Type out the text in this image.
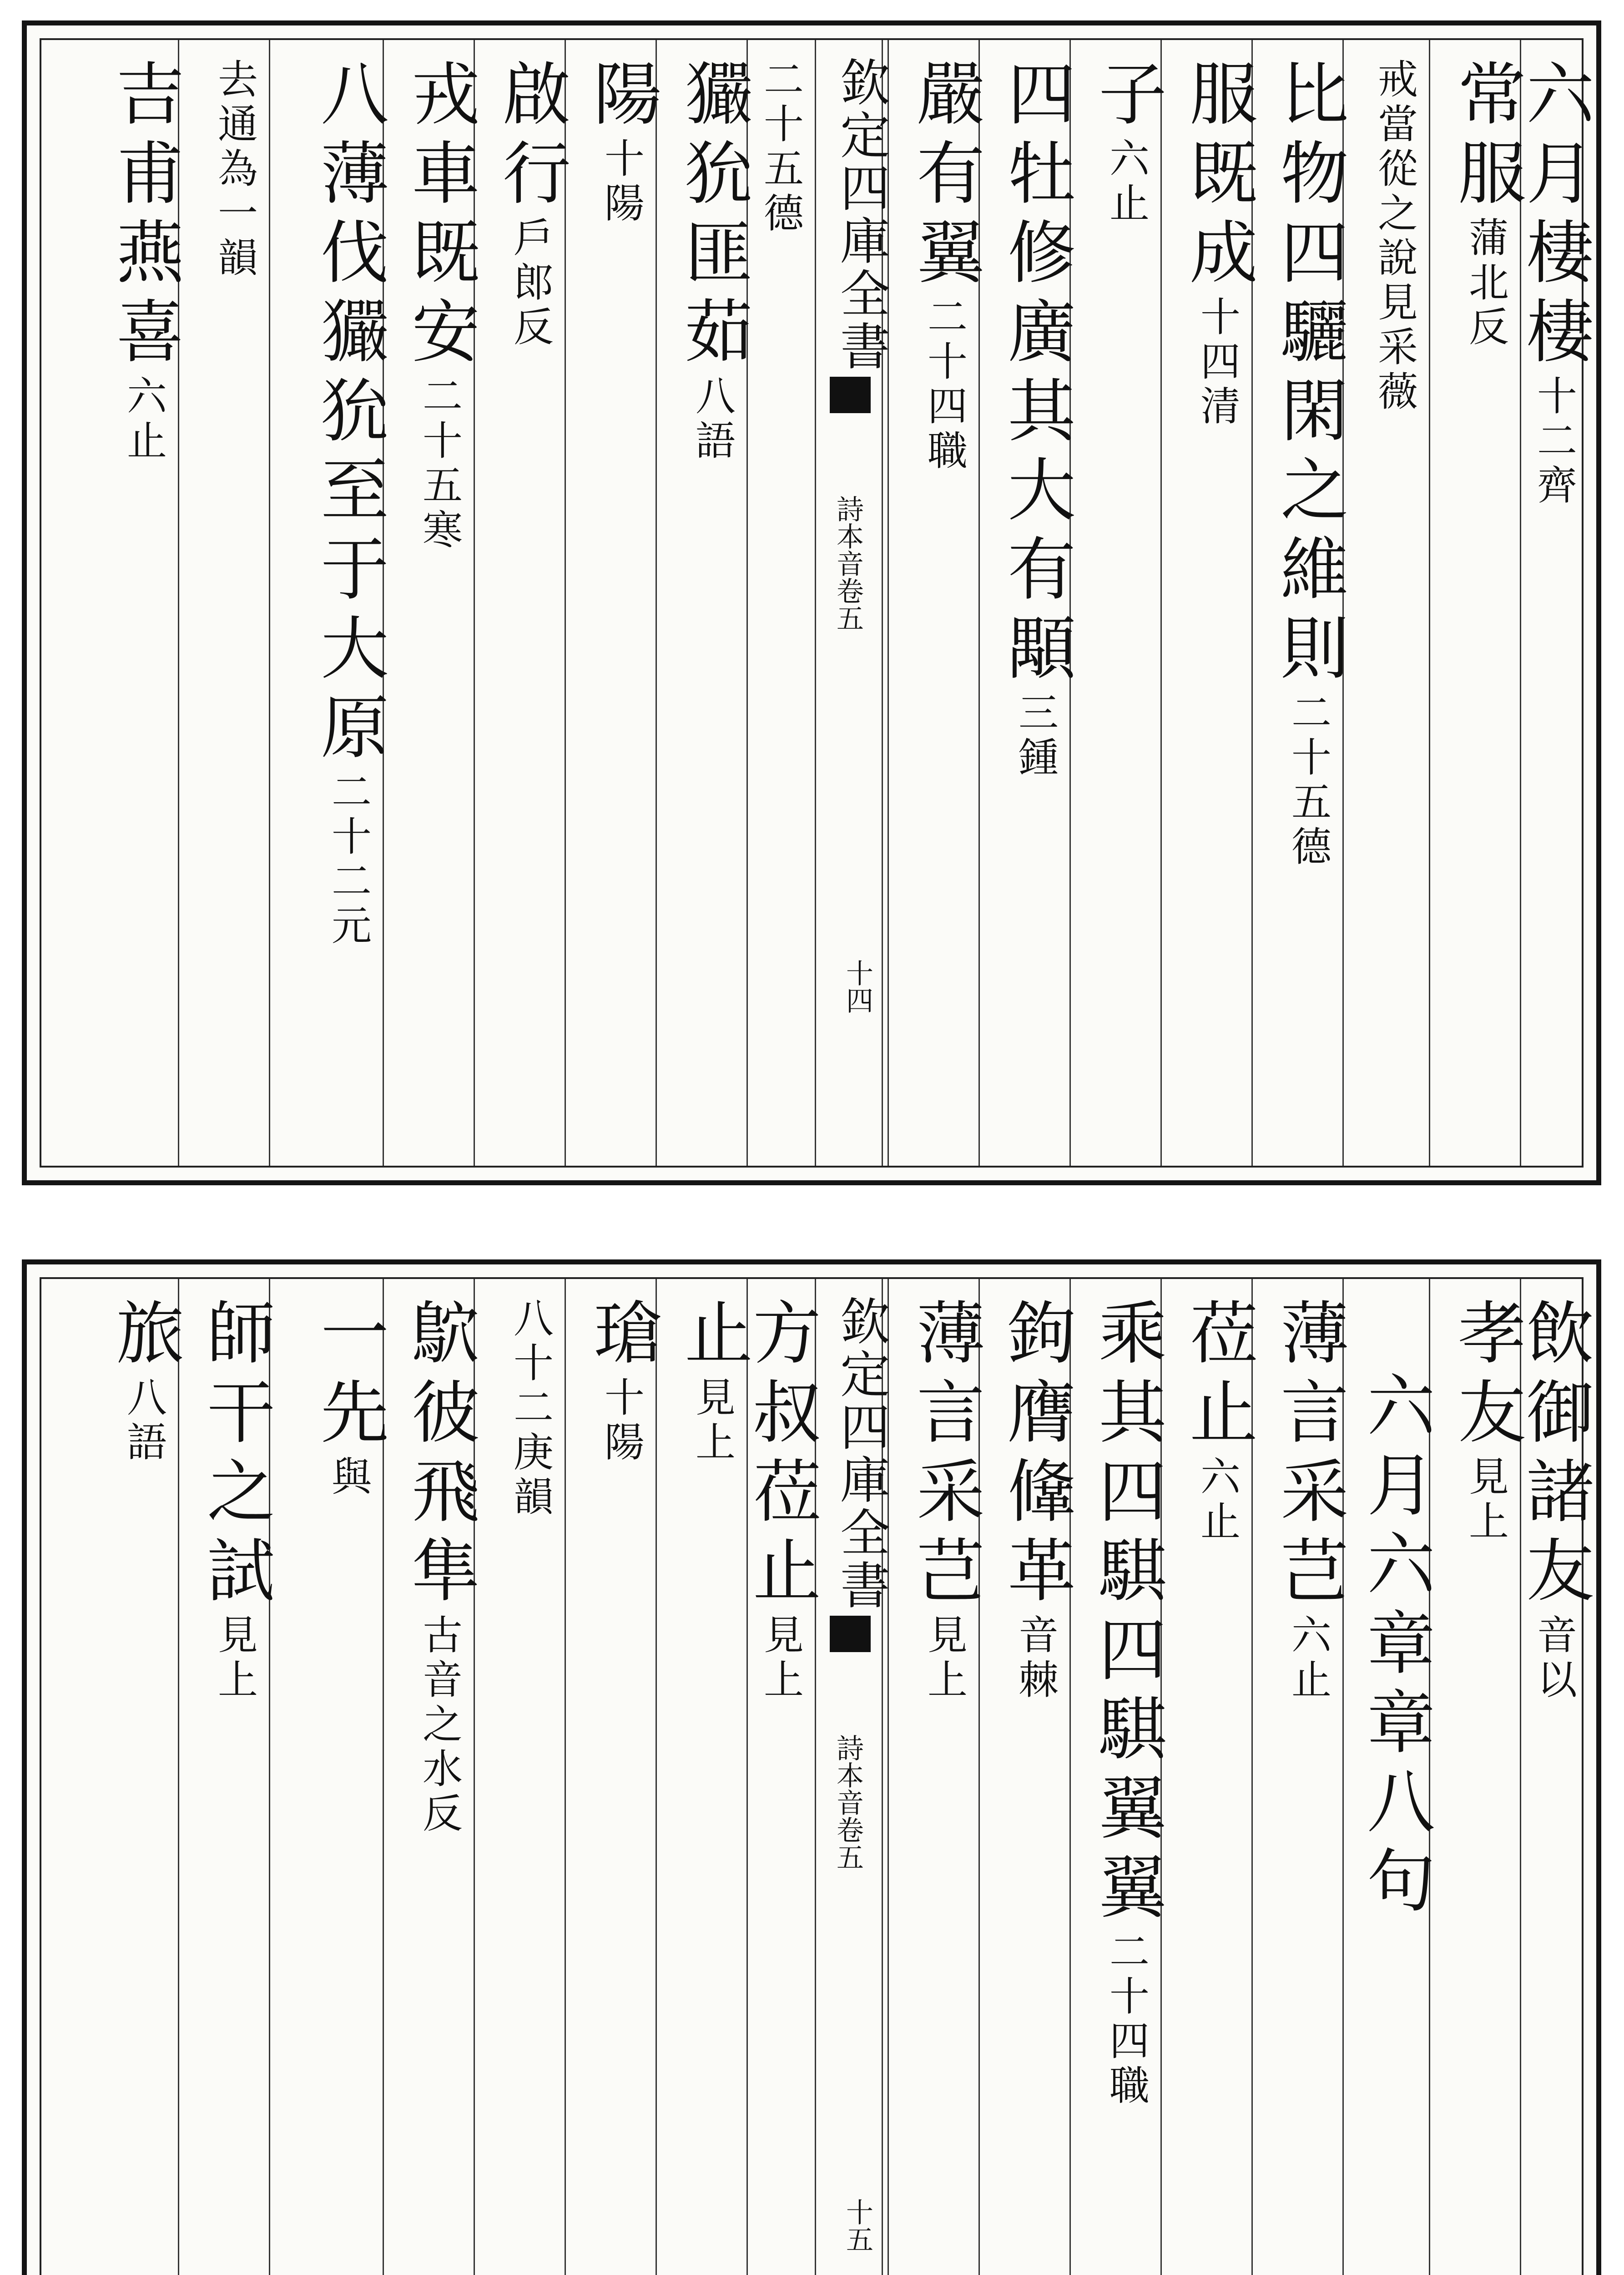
六月棲棲十二齊
常服蒲北反
戒當從之說見采薇
比物四驪閑之維則二十五德
服既成十四清
子六止
四牡修廣其大有顒三鍾
嚴有翼二十四職
欽定四庫全書
詩本音卷五
十四
二十五德
玁狁匪茹八語
陽十陽
啟行戶郎反
戎車既安二十五寒
八薄伐玁狁至于大原二十二元
去通為一韻
吉甫燕喜六止
飲御諸友音以
孝友見上
六月六章章八句
薄言采芑六止
莅止六止
乘其四騏四騏翼翼二十四職
鉤膺鞗革音棘
薄言采芑見上
欽定四庫全書
詩本音卷五
十五
方叔莅止見上
止見上
瑲十陽
八十二庚韻
鴥彼飛隼古音之水反
一先與
師干之試見上
旅八語
